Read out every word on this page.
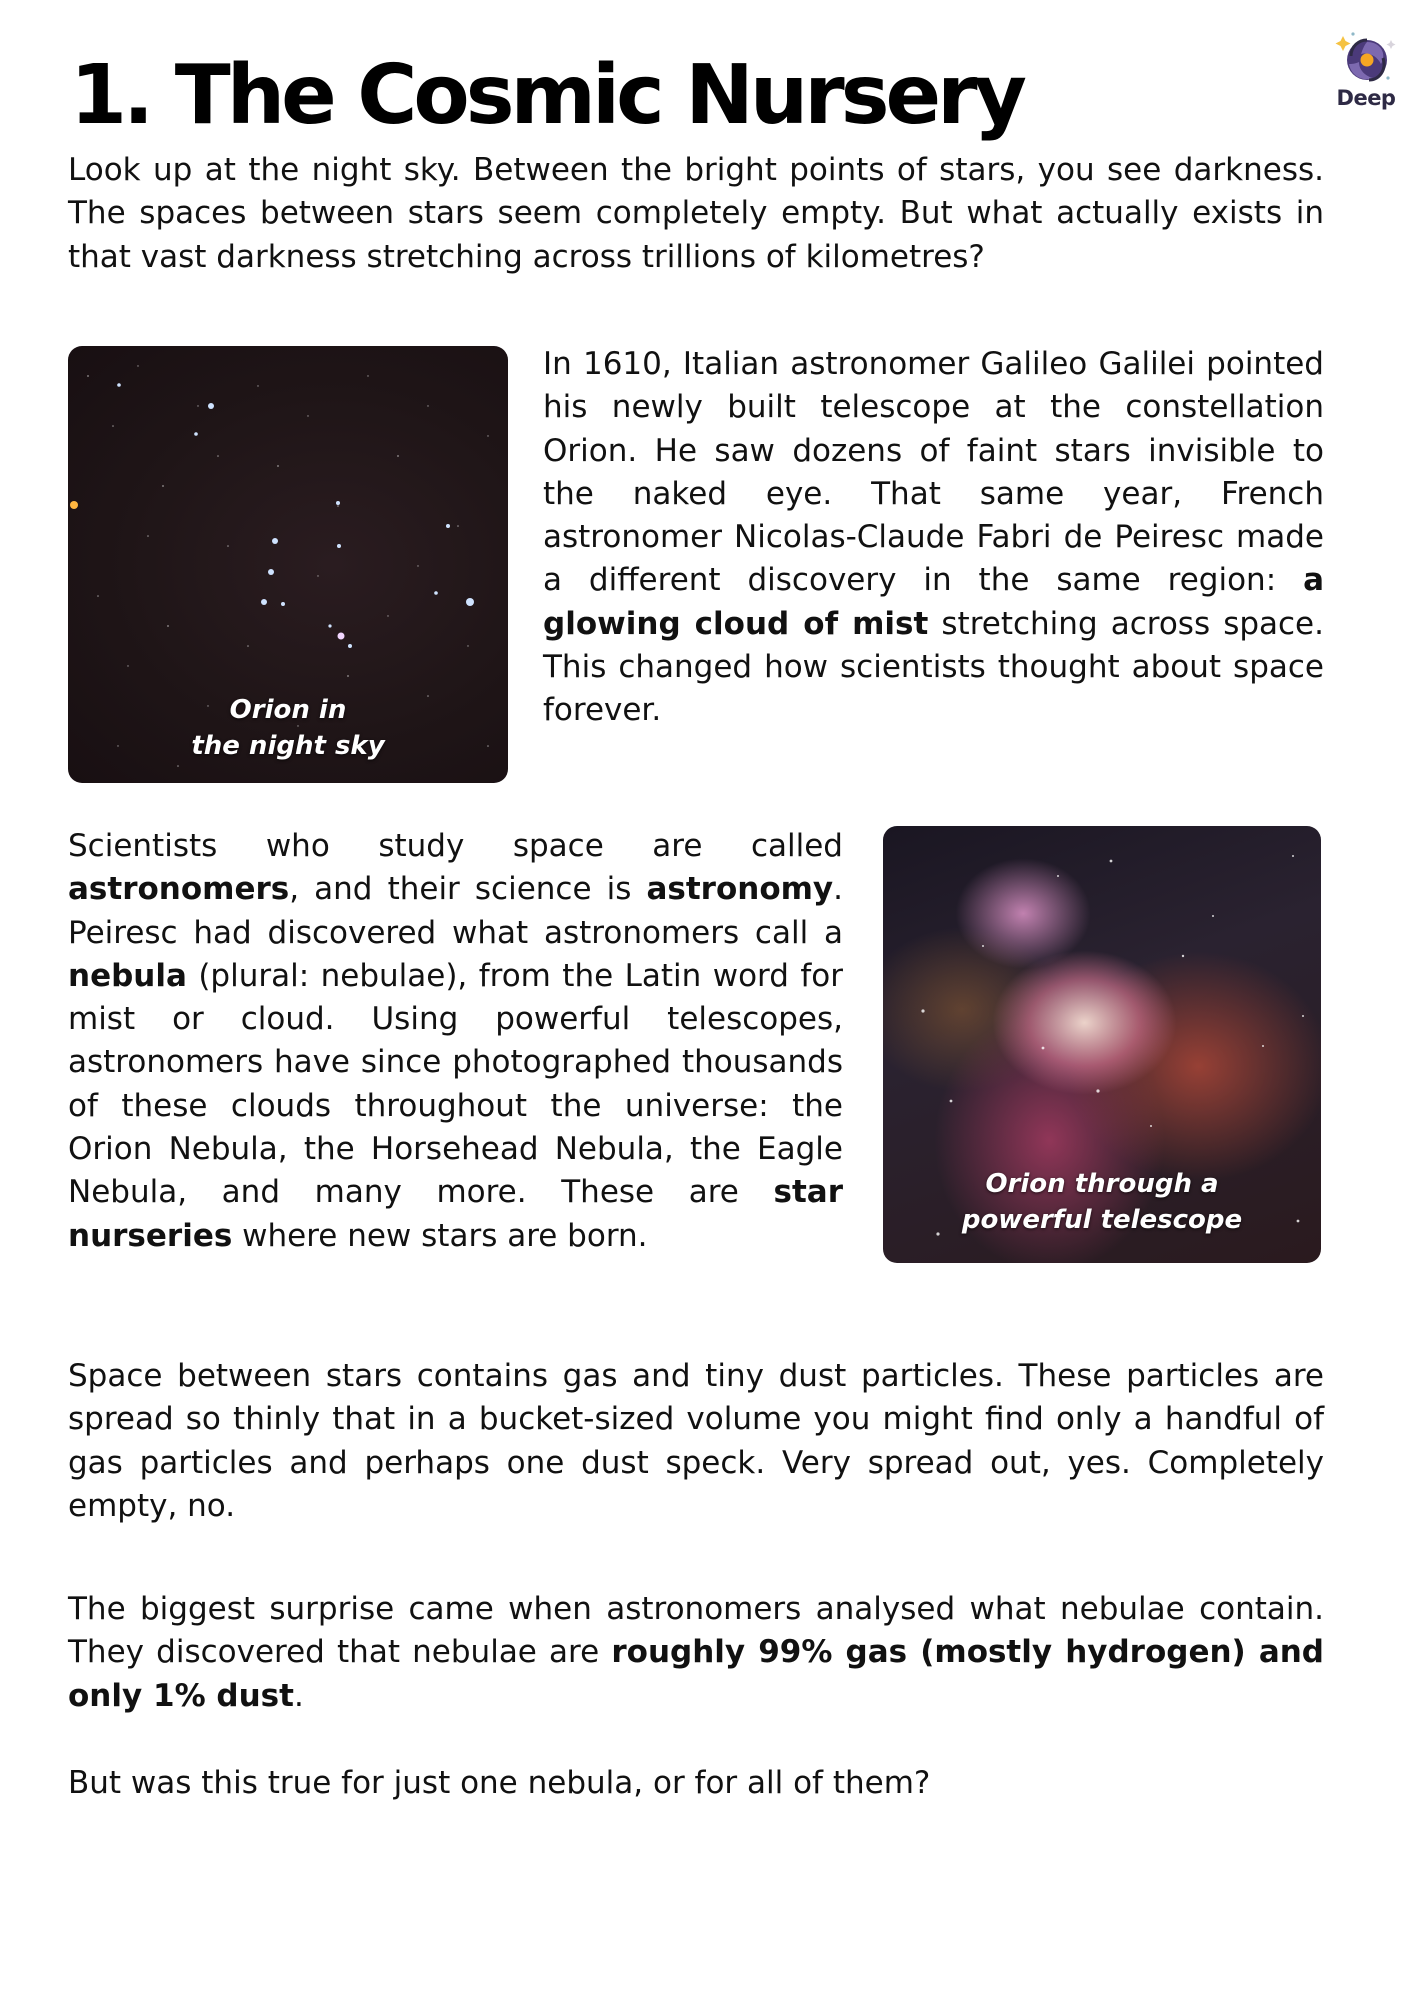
1. The Cosmic Nursery	Deep

Look up at the night sky. Between the bright points of stars, you see darkness. The spaces between stars seem completely empty. But what actually exists in that vast darkness stretching across trillions of kilometres?

Orion in
the night sky

In 1610, Italian astronomer Galileo Galilei pointed his newly built telescope at the constellation Orion. He saw dozens of faint stars invisible to the naked eye. That same year, French astronomer Nicolas-Claude Fabri de Peiresc made a different discovery in the same region: a glowing cloud of mist stretching across space. This changed how scientists thought about space forever.

Scientists who study space are called astronomers, and their science is astronomy. Peiresc had discovered what astronomers call a nebula (plural: nebulae), from the Latin word for mist or cloud. Using powerful telescopes, astronomers have since photographed thousands of these clouds throughout the universe: the Orion Nebula, the Horsehead Nebula, the Eagle Nebula, and many more. These are star nurseries where new stars are born.

Orion through a
powerful telescope

Space between stars contains gas and tiny dust particles. These particles are spread so thinly that in a bucket-sized volume you might find only a handful of gas particles and perhaps one dust speck. Very spread out, yes. Completely empty, no.

The biggest surprise came when astronomers analysed what nebulae contain. They discovered that nebulae are roughly 99% gas (mostly hydrogen) and only 1% dust.

But was this true for just one nebula, or for all of them?
